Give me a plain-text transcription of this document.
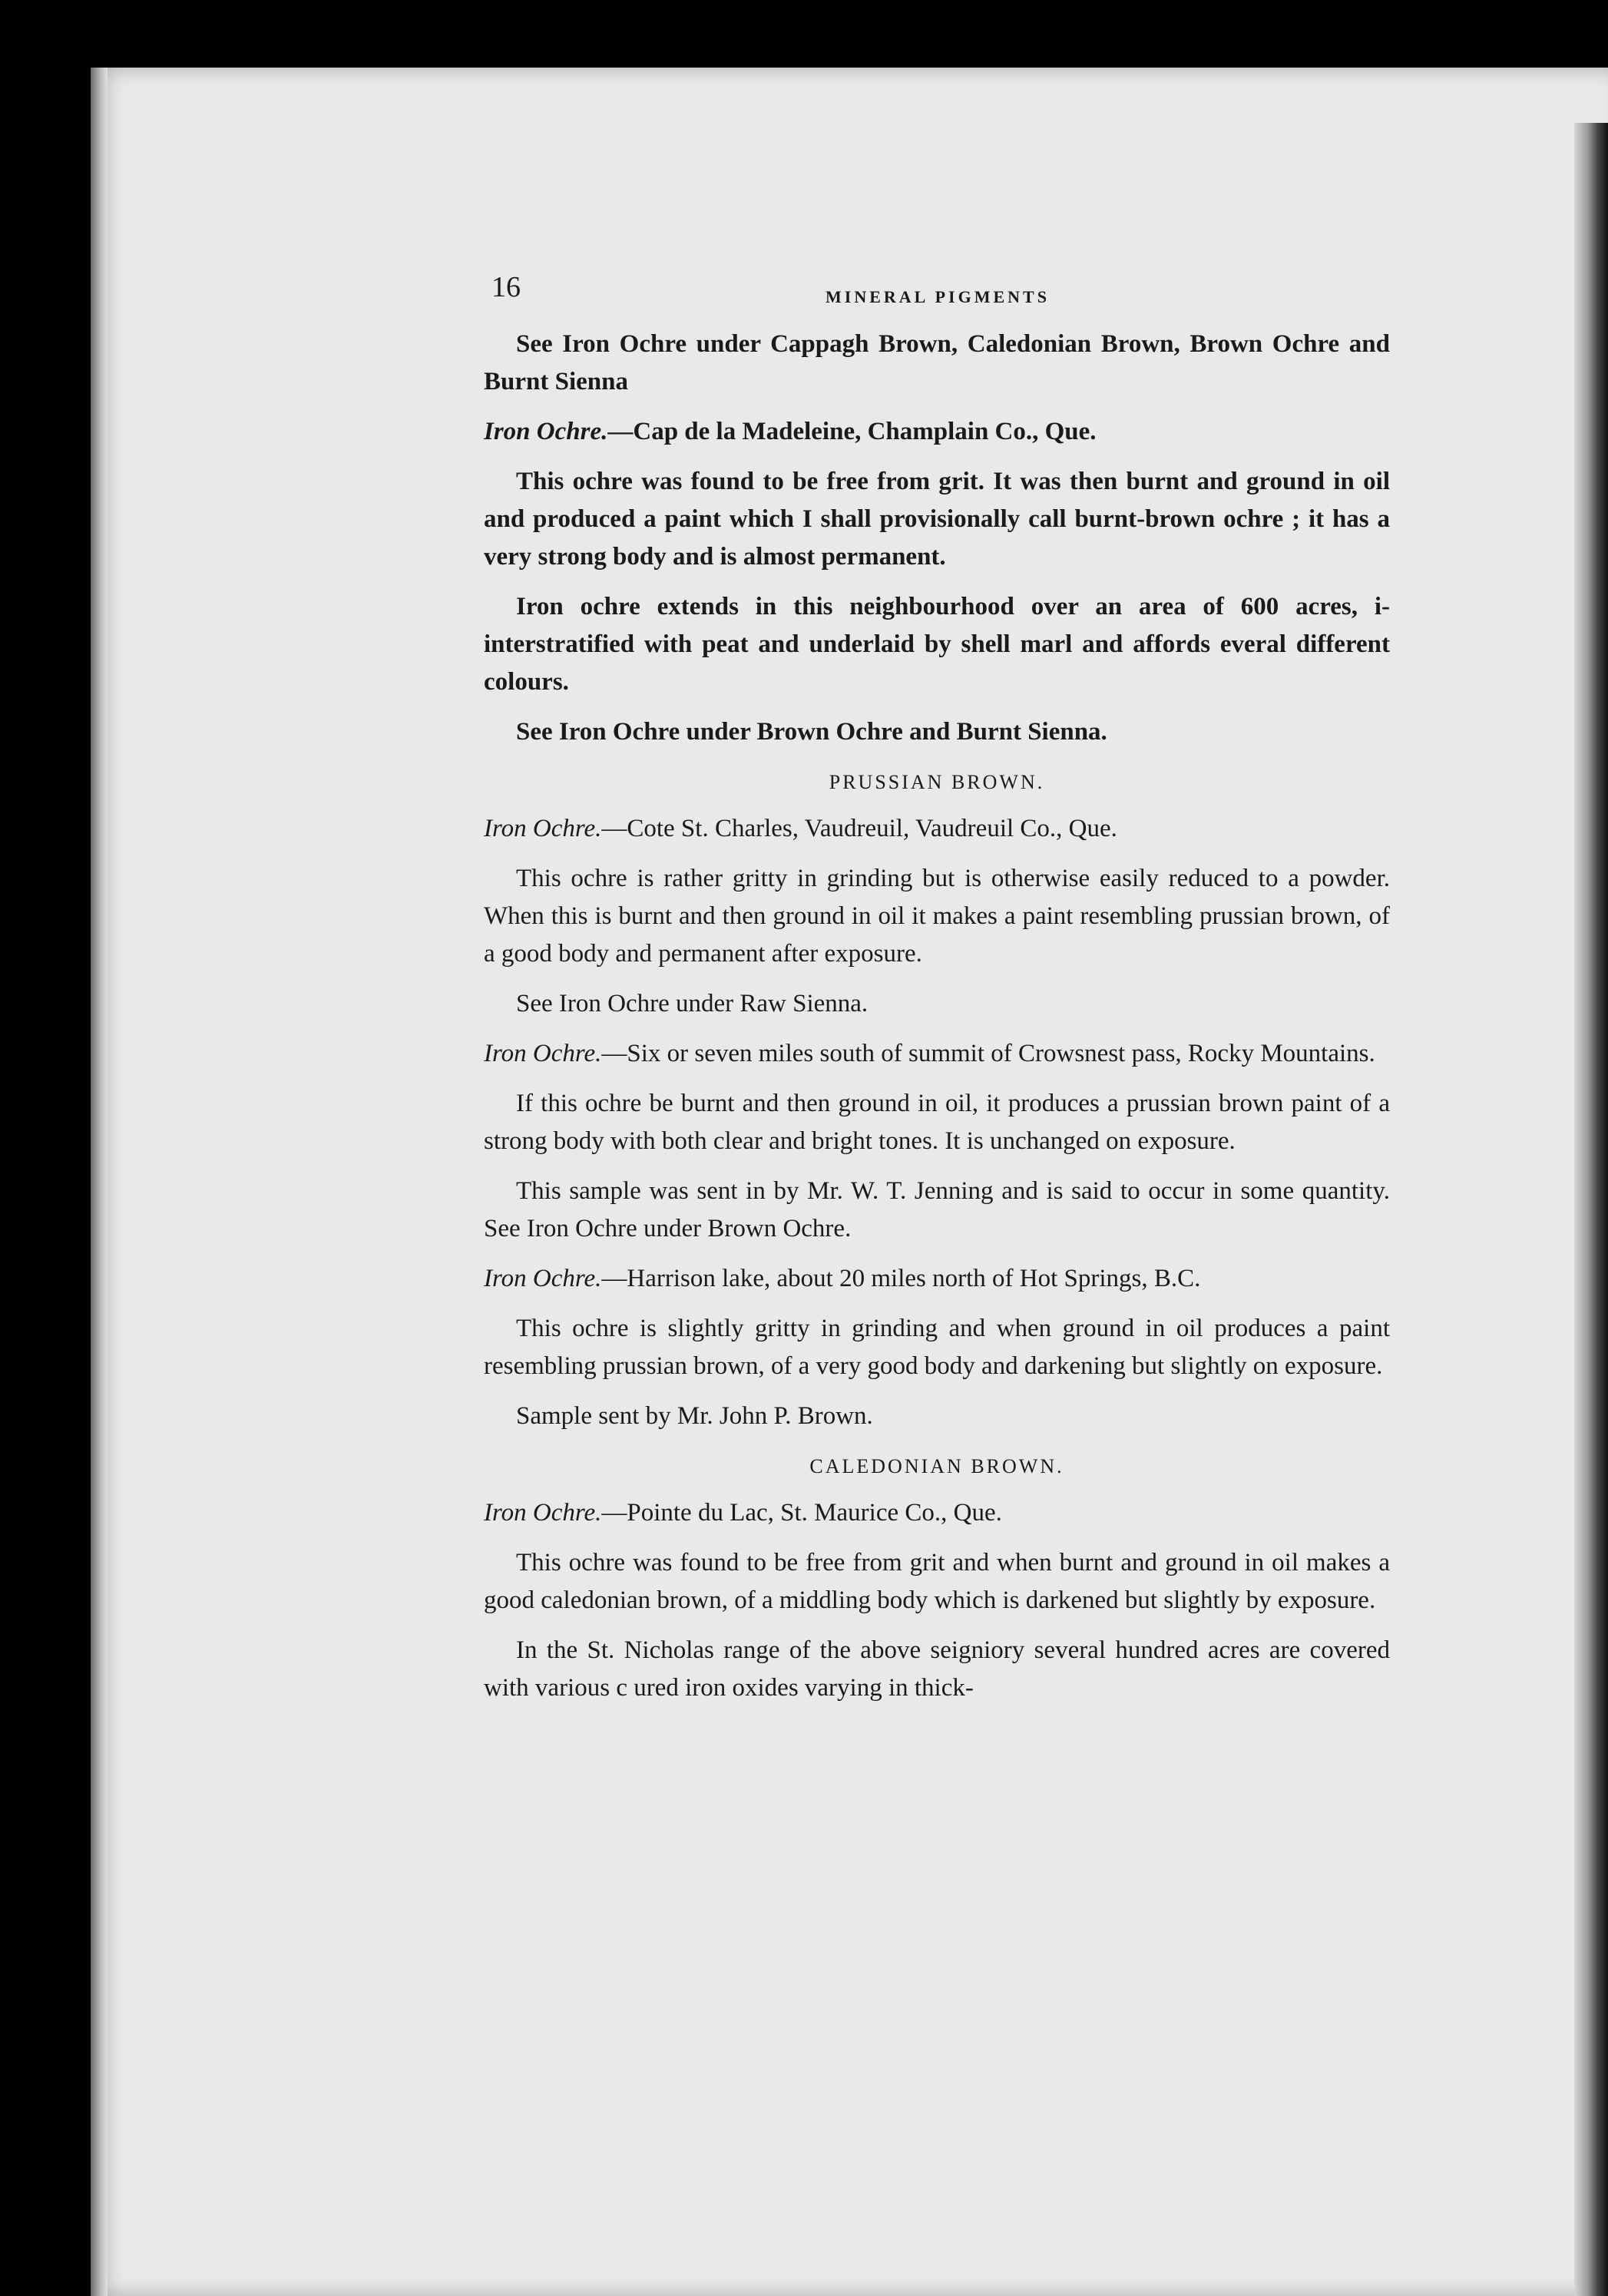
16	MINERAL PIGMENTS

See Iron Ochre under Cappagh Brown, Caledonian Brown, Brown Ochre and Burnt Sienna

Iron Ochre.—Cap de la Madeleine, Champlain Co., Que.

This ochre was found to be free from grit. It was then burnt and ground in oil and produced a paint which I shall provisionally call burnt-brown ochre ; it has a very strong body and is almost permanent.

Iron ochre extends in this neighbourhood over an area of 600 acres, i- interstratified with peat and underlaid by shell marl and affords everal different colours.

See Iron Ochre under Brown Ochre and Burnt Sienna.

PRUSSIAN BROWN.
Iron Ochre.—Cote St. Charles, Vaudreuil, Vaudreuil Co., Que.

This ochre is rather gritty in grinding but is otherwise easily reduced to a powder. When this is burnt and then ground in oil it makes a paint resembling prussian brown, of a good body and permanent after exposure.

See Iron Ochre under Raw Sienna.

Iron Ochre.—Six or seven miles south of summit of Crowsnest pass, Rocky Mountains.

If this ochre be burnt and then ground in oil, it produces a prussian brown paint of a strong body with both clear and bright tones. It is unchanged on exposure.

This sample was sent in by Mr. W. T. Jenning and is said to occur in some quantity. See Iron Ochre under Brown Ochre.

Iron Ochre.—Harrison lake, about 20 miles north of Hot Springs, B.C.

This ochre is slightly gritty in grinding and when ground in oil produces a paint resembling prussian brown, of a very good body and darkening but slightly on exposure.

Sample sent by Mr. John P. Brown.

CALEDONIAN BROWN.
Iron Ochre.—Pointe du Lac, St. Maurice Co., Que.

This ochre was found to be free from grit and when burnt and ground in oil makes a good caledonian brown, of a middling body which is darkened but slightly by exposure.

In the St. Nicholas range of the above seigniory several hundred acres are covered with various c ured iron oxides varying in thick-
